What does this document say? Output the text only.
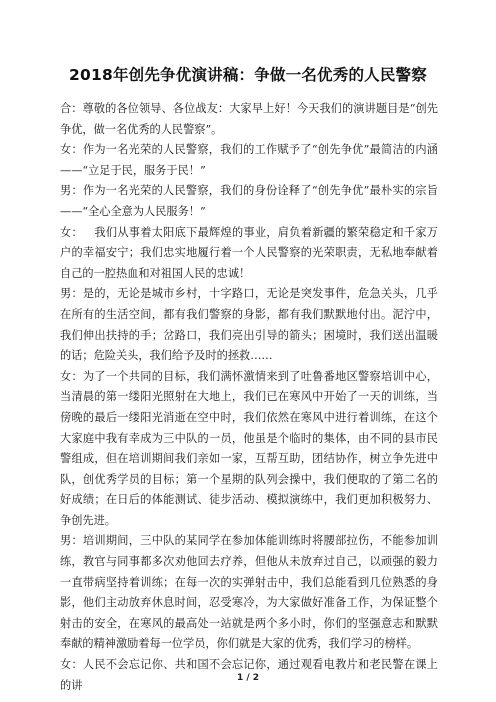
2018年创先争优演讲稿：争做一名优秀的人民警察

合：尊敬的各位领导、各位战友：大家早上好！今天我们的演讲题目是“创先争优，做一名优秀的人民警察”。

女：作为一名光荣的人民警察，我们的工作赋予了“创先争优”最简洁的内涵——“立足于民，服务于民！”

男：作为一名光荣的人民警察，我们的身份诠释了“创先争优”最朴实的宗旨——“全心全意为人民服务！”

女：   我们从事着太阳底下最辉煌的事业，肩负着新疆的繁荣稳定和千家万户的幸福安宁；我们忠实地履行着一个人民警察的光荣职责，无私地奉献着自己的一腔热血和对祖国人民的忠诚！

男：是的，无论是城市乡村，十字路口，无论是突发事件，危急关头，几乎在所有的生活空间，都有我们警察的身影，都有我们默默地付出。泥泞中，我们伸出扶持的手；岔路口，我们亮出引导的箭头；困境时，我们送出温暖的话；危险关头，我们给予及时的拯救……

女：为了一个共同的目标，我们满怀激情来到了吐鲁番地区警察培训中心，当清晨的第一缕阳光照射在大地上，我们已在寒风中开始了一天的训练，当傍晚的最后一缕阳光消逝在空中时，我们依然在寒风中进行着训练，在这个大家庭中我有幸成为三中队的一员，他虽是个临时的集体，由不同的县市民警组成，但在培训期间我们亲如一家，互帮互助，团结协作，树立争先进中队，创优秀学员的目标；第一个星期的队列会操中，我们便取的了第二名的好成绩；在日后的体能测试、徒步活动、模拟演练中，我们更加积极努力、争创先进。

男：培训期间，三中队的某同学在参加体能训练时将腰部拉伤，不能参加训练，教官与同事都多次劝他回去疗养，但他从未放弃过自己，以顽强的毅力一直带病坚持着训练；在每一次的实弹射击中，我们总能看到几位熟悉的身影，他们主动放弃休息时间，忍受寒冷，为大家做好准备工作，为保证整个射击的安全，在寒风的最高处一站就是两个多小时，你们的坚强意志和默默奉献的精神激励着每一位学员，你们就是大家的优秀，我们学习的榜样。

女：人民不会忘记你、共和国不会忘记你，通过观看电教片和老民警在课上的讲

1 / 2
